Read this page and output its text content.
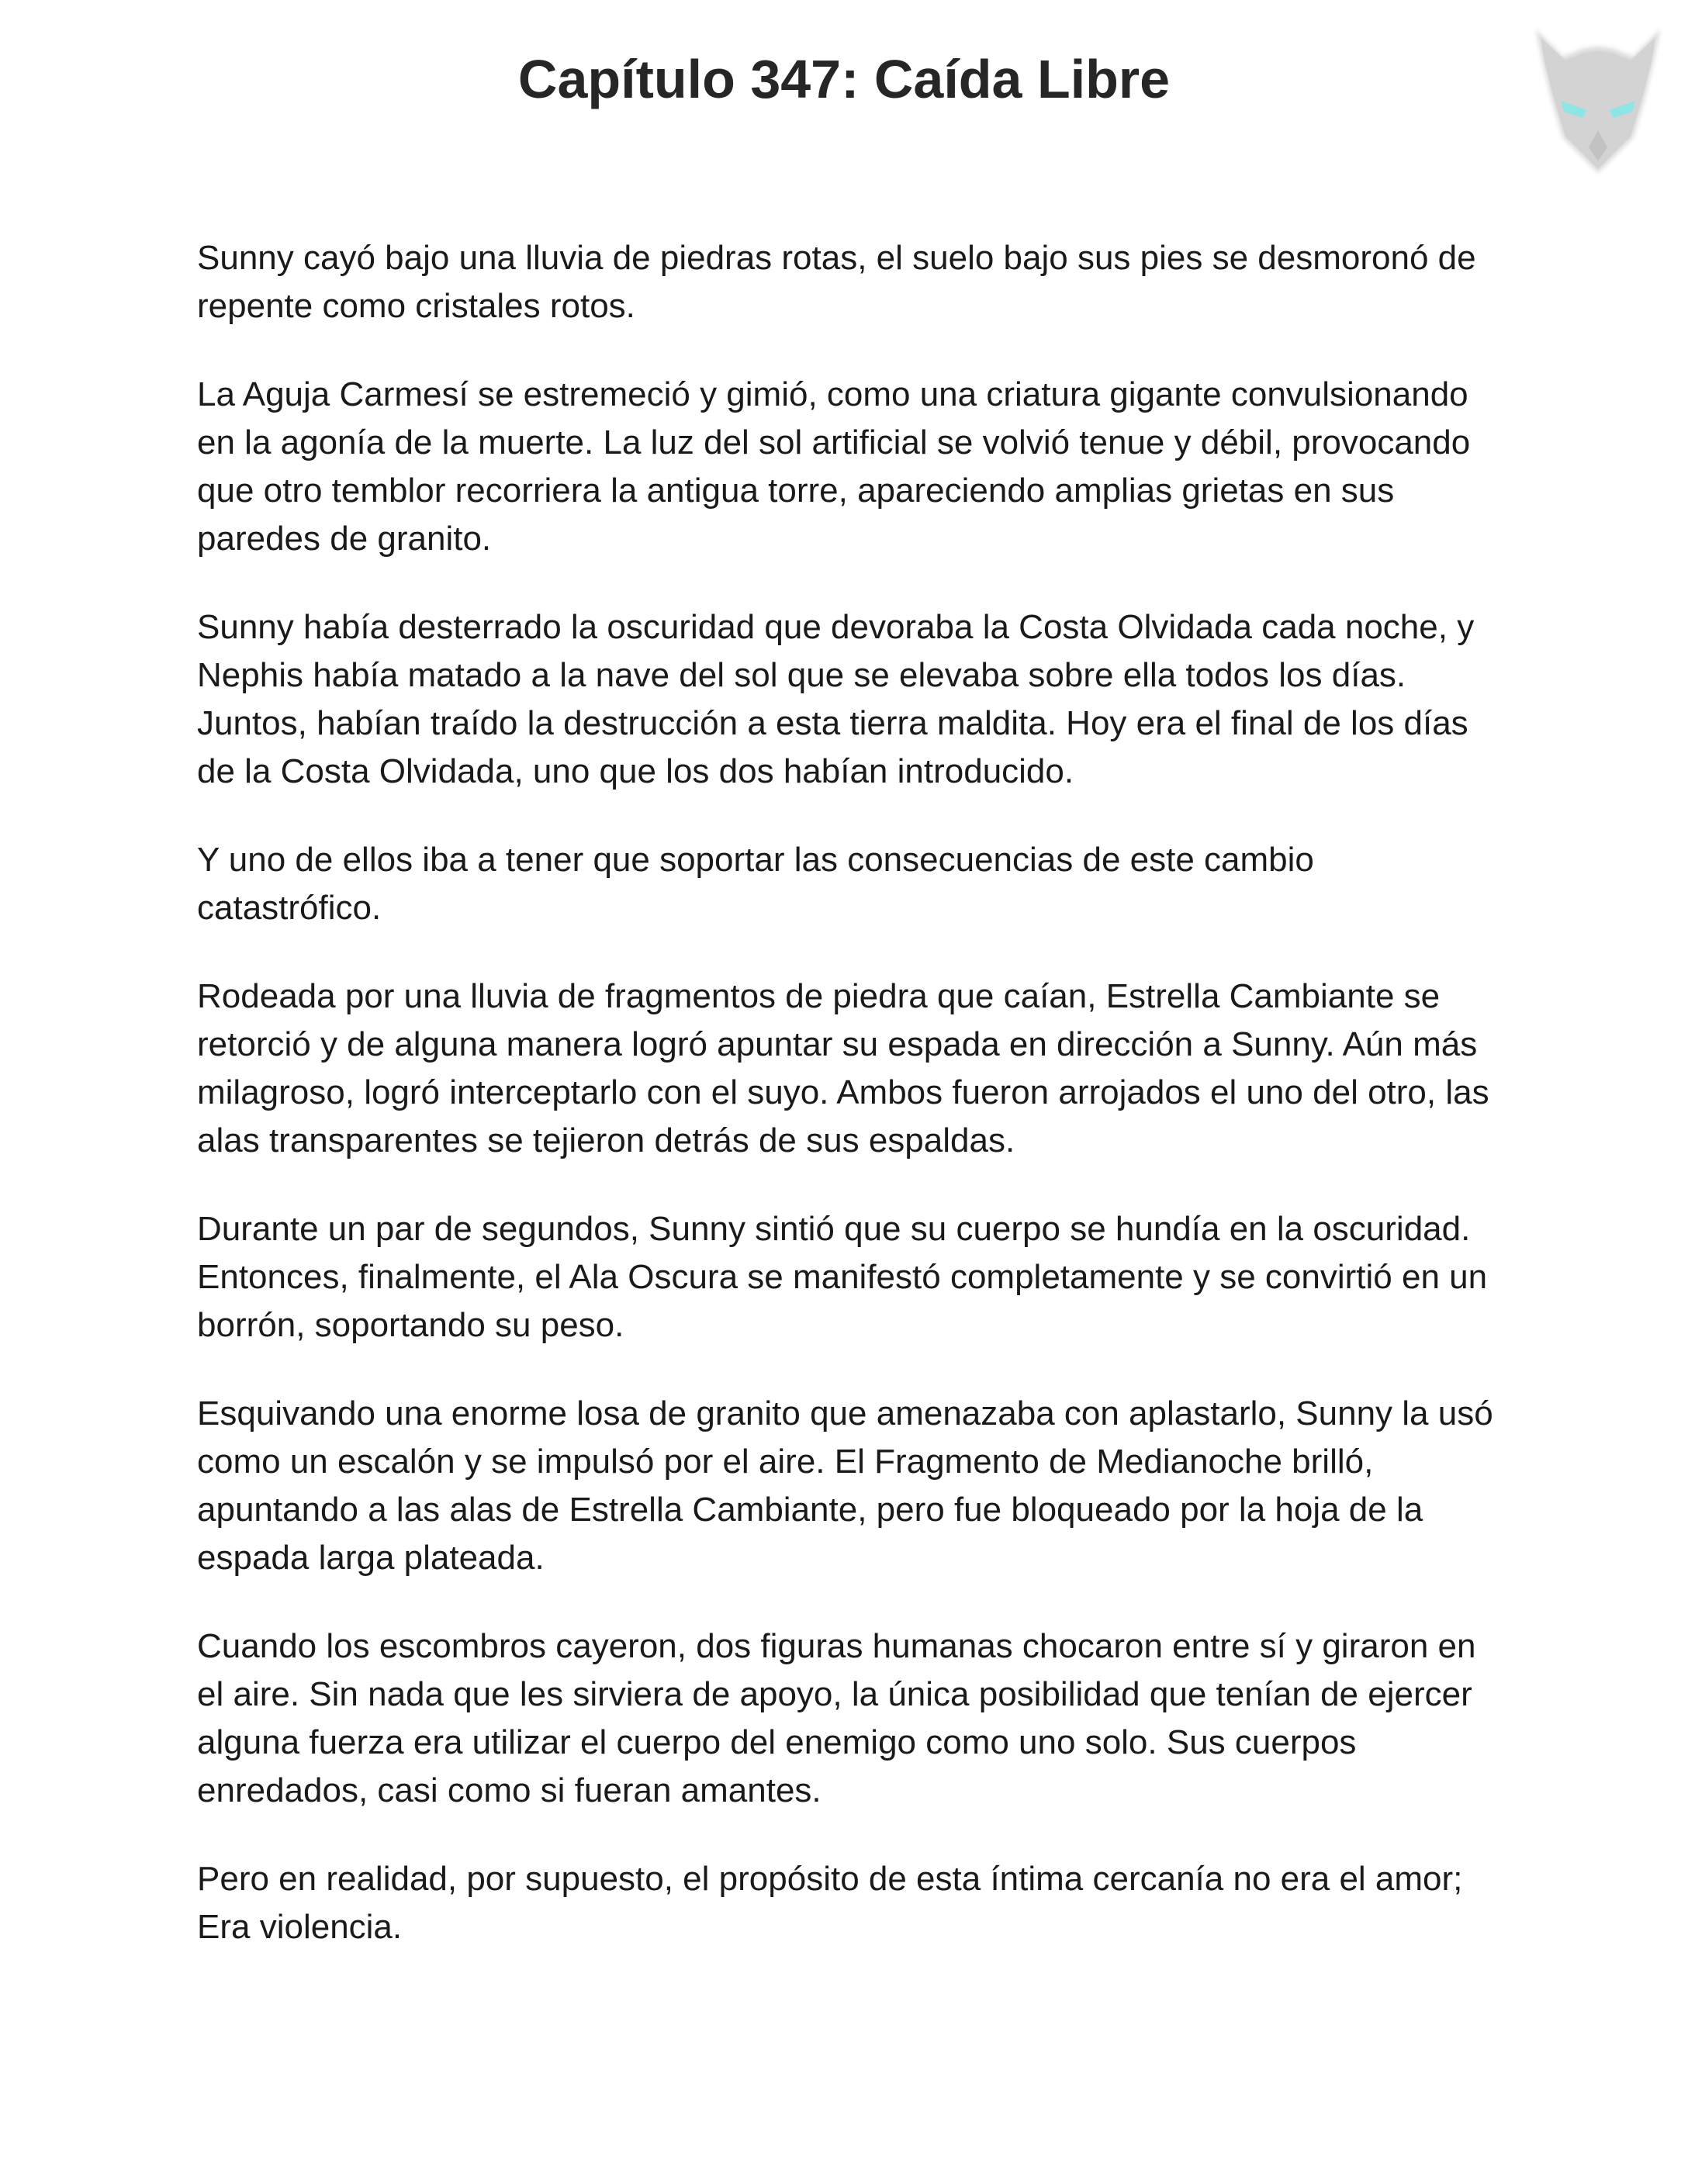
Capítulo 347: Caída Libre

Sunny cayó bajo una lluvia de piedras rotas, el suelo bajo sus pies se desmoronó de repente como cristales rotos.

La Aguja Carmesí se estremeció y gimió, como una criatura gigante convulsionando en la agonía de la muerte. La luz del sol artificial se volvió tenue y débil, provocando que otro temblor recorriera la antigua torre, apareciendo amplias grietas en sus paredes de granito.

Sunny había desterrado la oscuridad que devoraba la Costa Olvidada cada noche, y Nephis había matado a la nave del sol que se elevaba sobre ella todos los días. Juntos, habían traído la destrucción a esta tierra maldita. Hoy era el final de los días de la Costa Olvidada, uno que los dos habían introducido.

Y uno de ellos iba a tener que soportar las consecuencias de este cambio catastrófico.

Rodeada por una lluvia de fragmentos de piedra que caían, Estrella Cambiante se retorció y de alguna manera logró apuntar su espada en dirección a Sunny. Aún más milagroso, logró interceptarlo con el suyo. Ambos fueron arrojados el uno del otro, las alas transparentes se tejieron detrás de sus espaldas.

Durante un par de segundos, Sunny sintió que su cuerpo se hundía en la oscuridad. Entonces, finalmente, el Ala Oscura se manifestó completamente y se convirtió en un borrón, soportando su peso.

Esquivando una enorme losa de granito que amenazaba con aplastarlo, Sunny la usó como un escalón y se impulsó por el aire. El Fragmento de Medianoche brilló, apuntando a las alas de Estrella Cambiante, pero fue bloqueado por la hoja de la espada larga plateada.

Cuando los escombros cayeron, dos figuras humanas chocaron entre sí y giraron en el aire. Sin nada que les sirviera de apoyo, la única posibilidad que tenían de ejercer alguna fuerza era utilizar el cuerpo del enemigo como uno solo. Sus cuerpos enredados, casi como si fueran amantes.

Pero en realidad, por supuesto, el propósito de esta íntima cercanía no era el amor; Era violencia.
